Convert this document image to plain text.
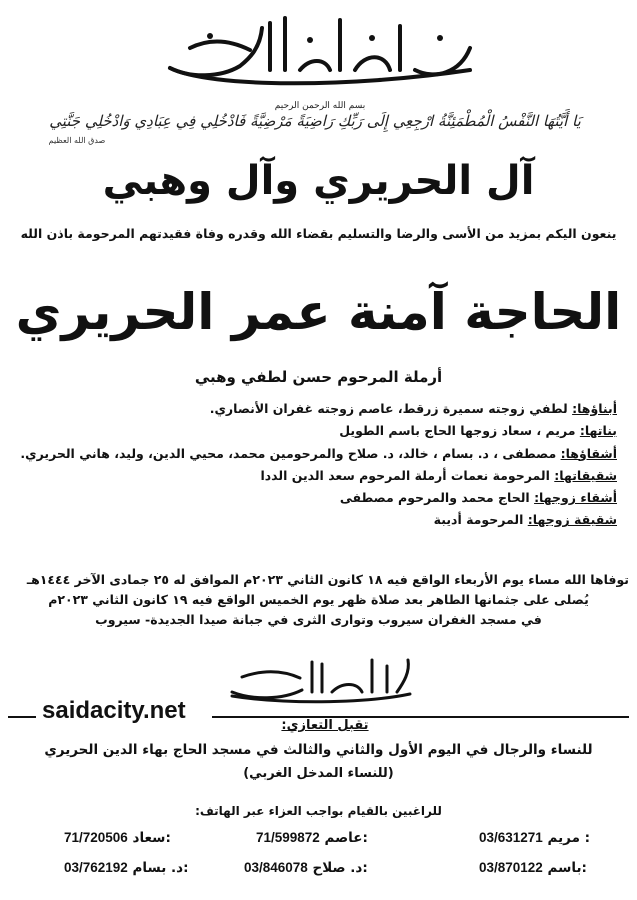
بسم الله الرحمن الرحيم
يَا أَيَّتُهَا النَّفْسُ الْمُطْمَئِنَّةُ ارْجِعِي إِلَى رَبِّكِ رَاضِيَةً مَرْضِيَّةً فَادْخُلِي فِي عِبَادِي وَادْخُلِي جَنَّتِي
صدق الله العظيم
آل الحريري وآل وهبي
ينعون اليكم بمزيد من الأسى والرضا والتسليم بقضاء الله وقدره وفاة فقيدتهم المرحومة باذن الله
الحاجة آمنة عمر الحريري
أرملة المرحوم حسن لطفي وهبي
أبناؤها: لطفي زوجته سميرة زرقط، عاصم زوجته غفران الأنصاري.
بناتها: مريم ، سعاد زوجها الحاج باسم الطويل
أشقاؤها: مصطفى ، د. بسام ، خالد، د. صلاح والمرحومين محمد، محيي الدين، وليد، هاني الحريري.
شقيقاتها: المرحومة نعمات أرملة المرحوم سعد الدين الددا
أشقاء زوجها: الحاج محمد والمرحوم مصطفى
شقيقة زوجها: المرحومة أديبة
توفاها الله مساء يوم الأربعاء الواقع فيه ١٨ كانون الثاني ٢٠٢٣م الموافق له ٢٥ جمادى الآخر ١٤٤٤هـ
يُصلى على جثمانها الطاهر بعد صلاة ظهر يوم الخميس الواقع فيه ١٩ كانون الثاني ٢٠٢٣م
في مسجد الغفران سيروب وتوارى الثرى في جبانة صيدا الجديدة- سيروب
saidacity.net
تقبل التعازي:
للنساء والرجال في اليوم الأول والثاني والثالث في مسجد الحاج بهاء الدين الحريري
(للنساء المدخل الغربي)
للراغبين بالقيام بواجب العزاء عبر الهاتف:
03/631271 مريم :
71/599872 عاصم:
71/720506 سعاد:
03/870122 باسم:
03/846078 د. صلاح:
03/762192 د. بسام:
